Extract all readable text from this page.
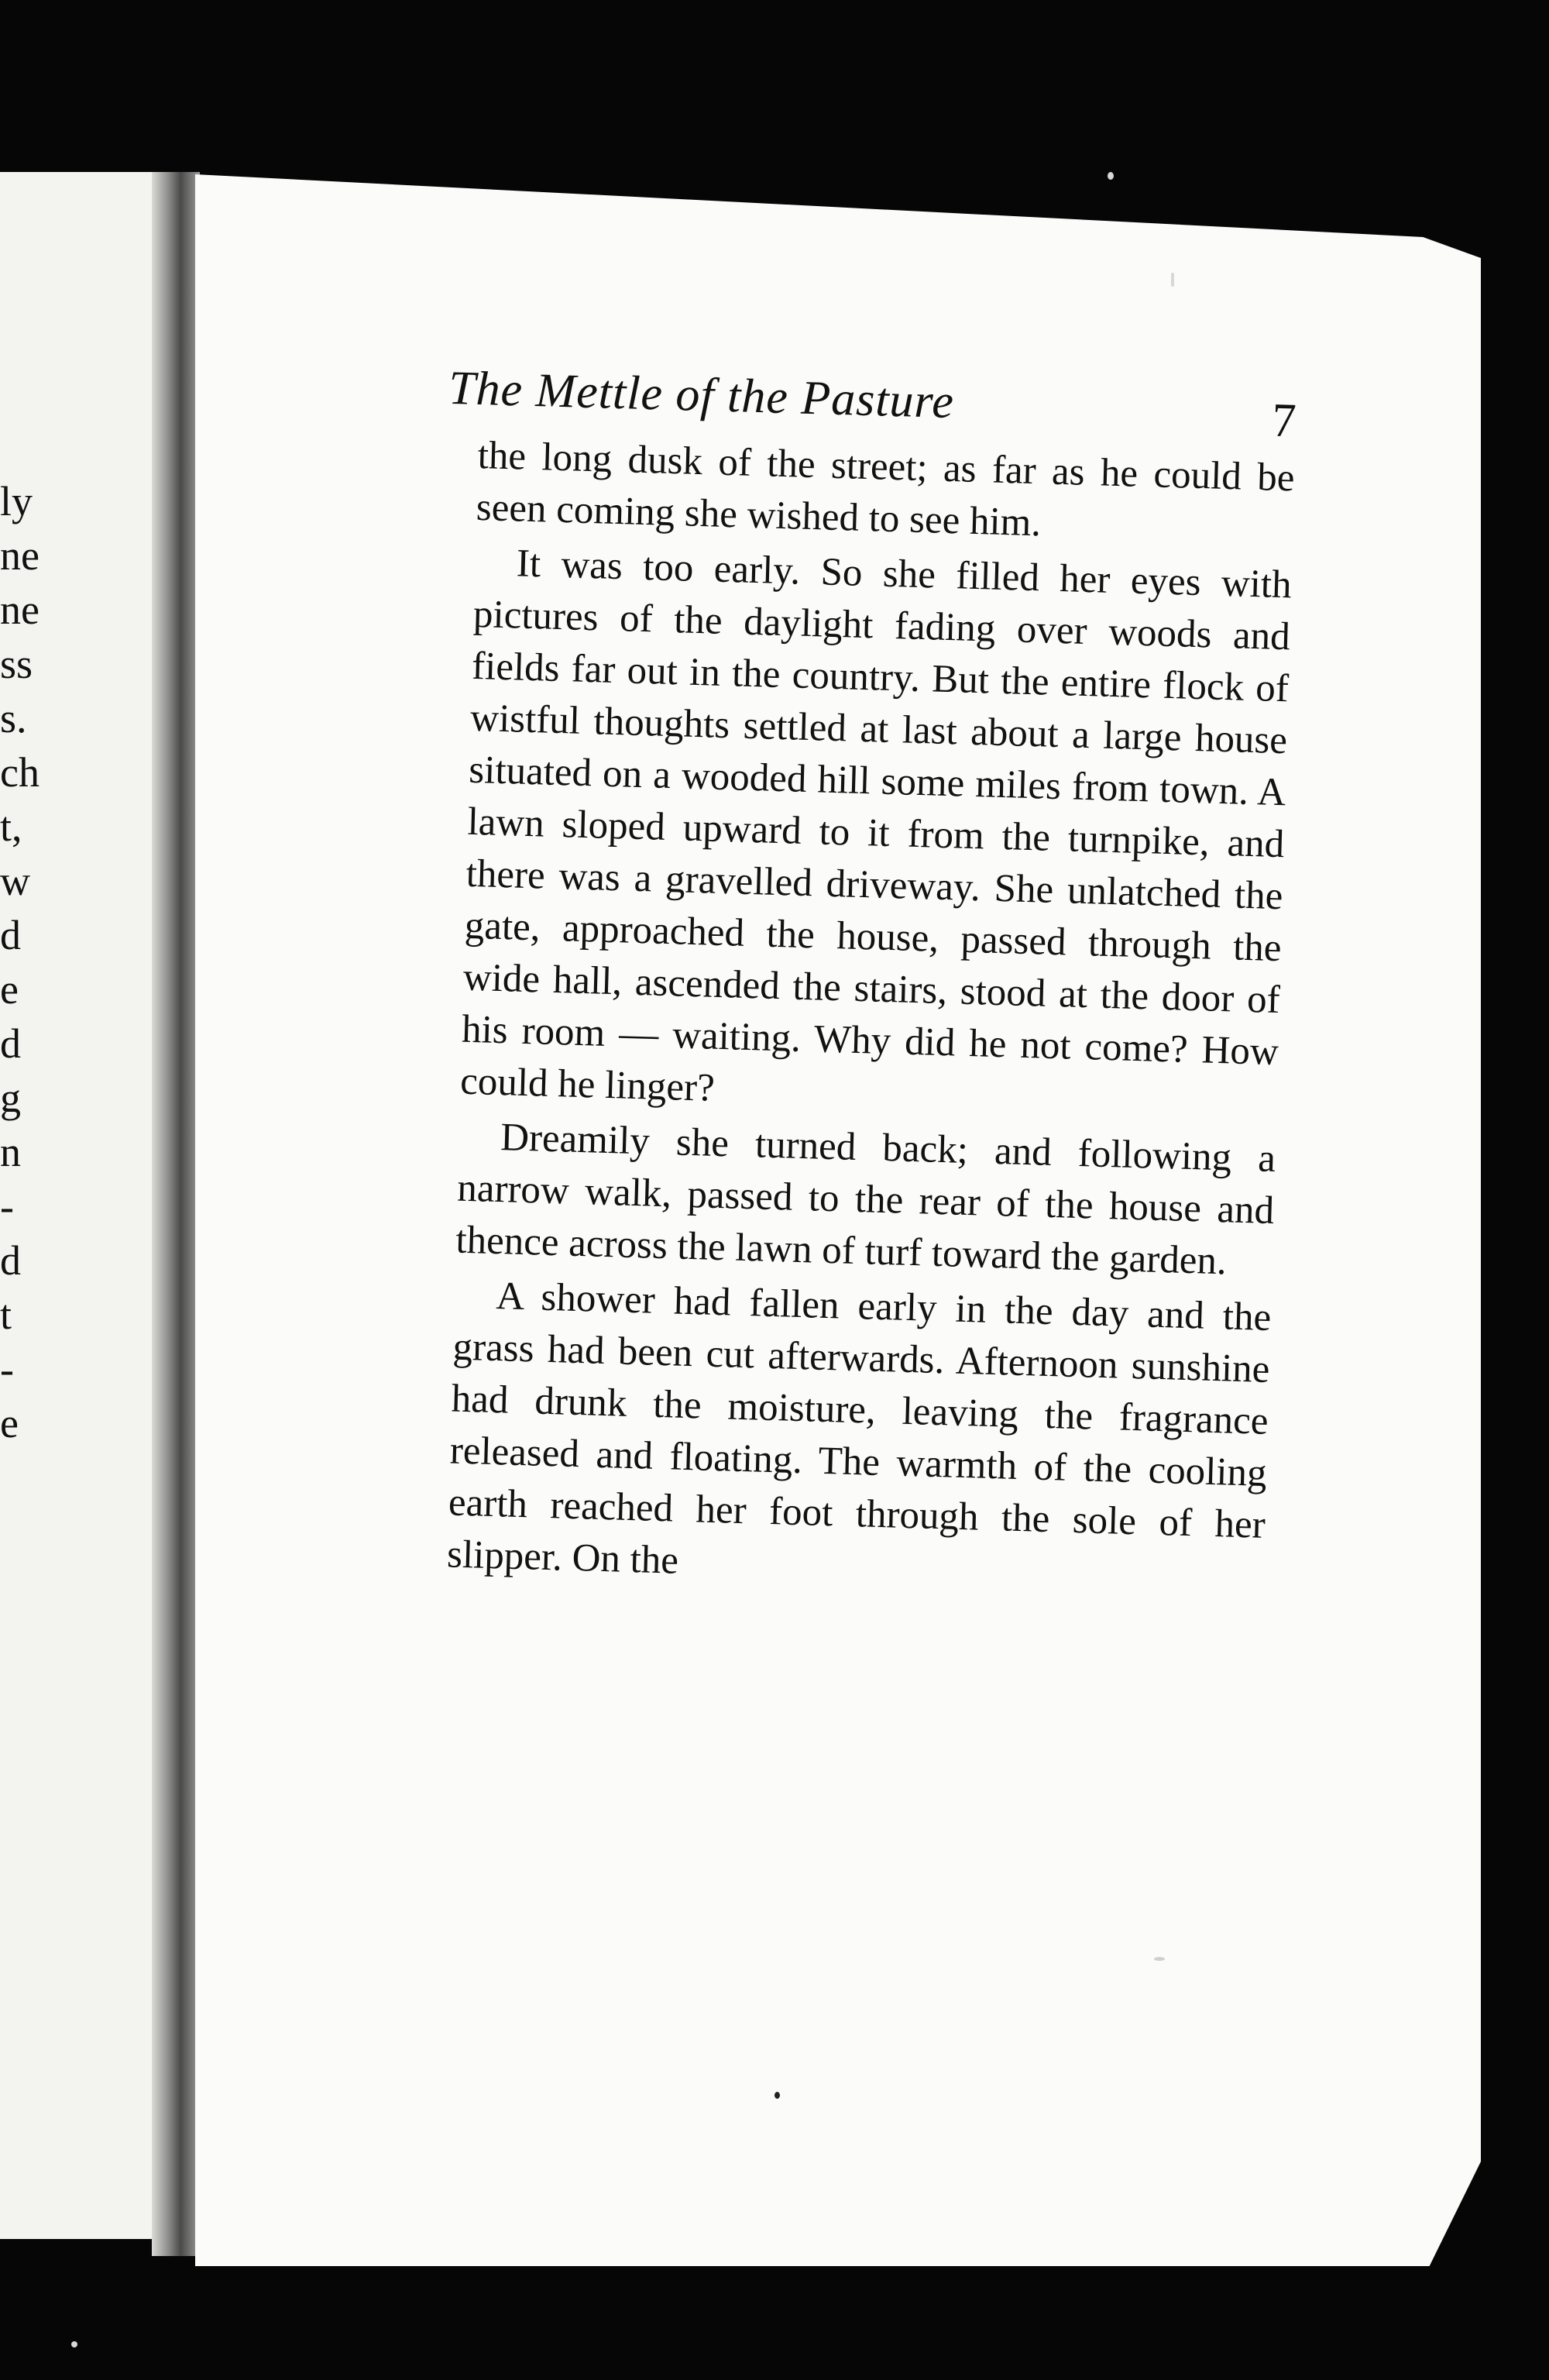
ly
ne
ne
ss
s.
ch
t,
w
d
e
d
g
n
-
d
t
-
e
The Mettle of the Pasture	7

the long dusk of the street; as far as he could be seen coming she wished to see him.

It was too early. So she filled her eyes with pictures of the daylight fading over woods and fields far out in the country. But the entire flock of wistful thoughts settled at last about a large house situated on a wooded hill some miles from town. A lawn sloped upward to it from the turnpike, and there was a gravelled driveway. She unlatched the gate, approached the house, passed through the wide hall, ascended the stairs, stood at the door of his room — waiting. Why did he not come? How could he linger?

Dreamily she turned back; and following a narrow walk, passed to the rear of the house and thence across the lawn of turf toward the garden.

A shower had fallen early in the day and the grass had been cut afterwards. Afternoon sunshine had drunk the moisture, leaving the fragrance released and floating. The warmth of the cooling earth reached her foot through the sole of her slipper. On the
